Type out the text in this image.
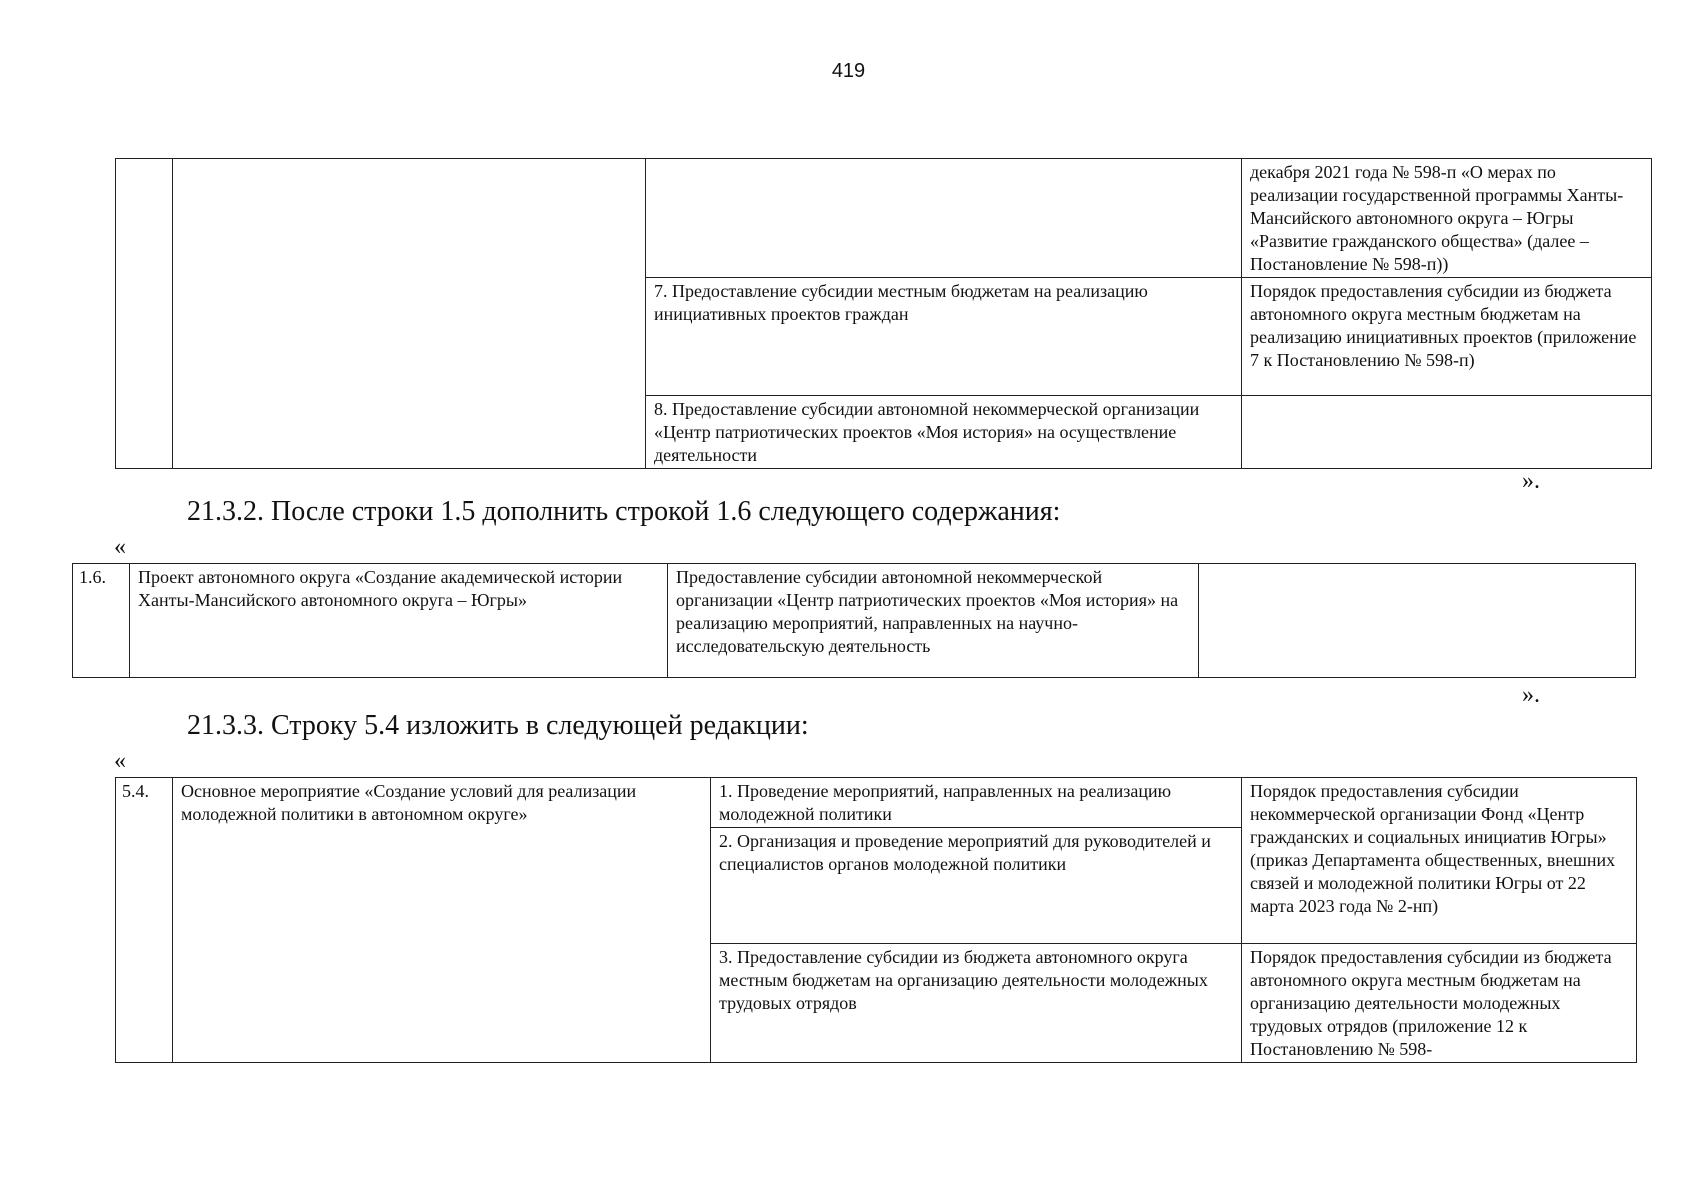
419
			декабря 2021 года № 598-п «О мерах по реализации государственной программы Ханты-Мансийского автономного округа – Югры «Развитие гражданского общества» (далее – Постановление № 598-п))
		7. Предоставление субсидии местным бюджетам на реализацию инициативных проектов граждан	Порядок предоставления субсидии из бюджета автономного округа местным бюджетам на реализацию инициативных проектов (приложение 7 к Постановлению № 598-п)
		8. Предоставление субсидии автономной некоммерческой организации «Центр патриотических проектов «Моя история» на осуществление деятельности	
».
21.3.2. После строки 1.5 дополнить строкой 1.6 следующего содержания:
«
1.6.	Проект автономного округа «Создание академической истории Ханты-Мансийского автономного округа – Югры»	Предоставление субсидии автономной некоммерческой организации «Центр патриотических проектов «Моя история» на реализацию мероприятий, направленных на научно-исследовательскую деятельность	
».
21.3.3. Строку 5.4 изложить в следующей редакции:
«
5.4.	Основное мероприятие «Создание условий для реализации молодежной политики в автономном округе»	1. Проведение мероприятий, направленных на реализацию молодежной политики	Порядок предоставления субсидии некоммерческой организации Фонд «Центр гражданских и социальных инициатив Югры» (приказ Департамента общественных, внешних связей и молодежной политики Югры от 22 марта 2023 года № 2-нп)
		2. Организация и проведение мероприятий для руководителей и специалистов органов молодежной политики	
		3. Предоставление субсидии из бюджета автономного округа местным бюджетам на организацию деятельности молодежных трудовых отрядов	Порядок предоставления субсидии из бюджета автономного округа местным бюджетам на организацию деятельности молодежных трудовых отрядов (приложение 12 к Постановлению № 598-
